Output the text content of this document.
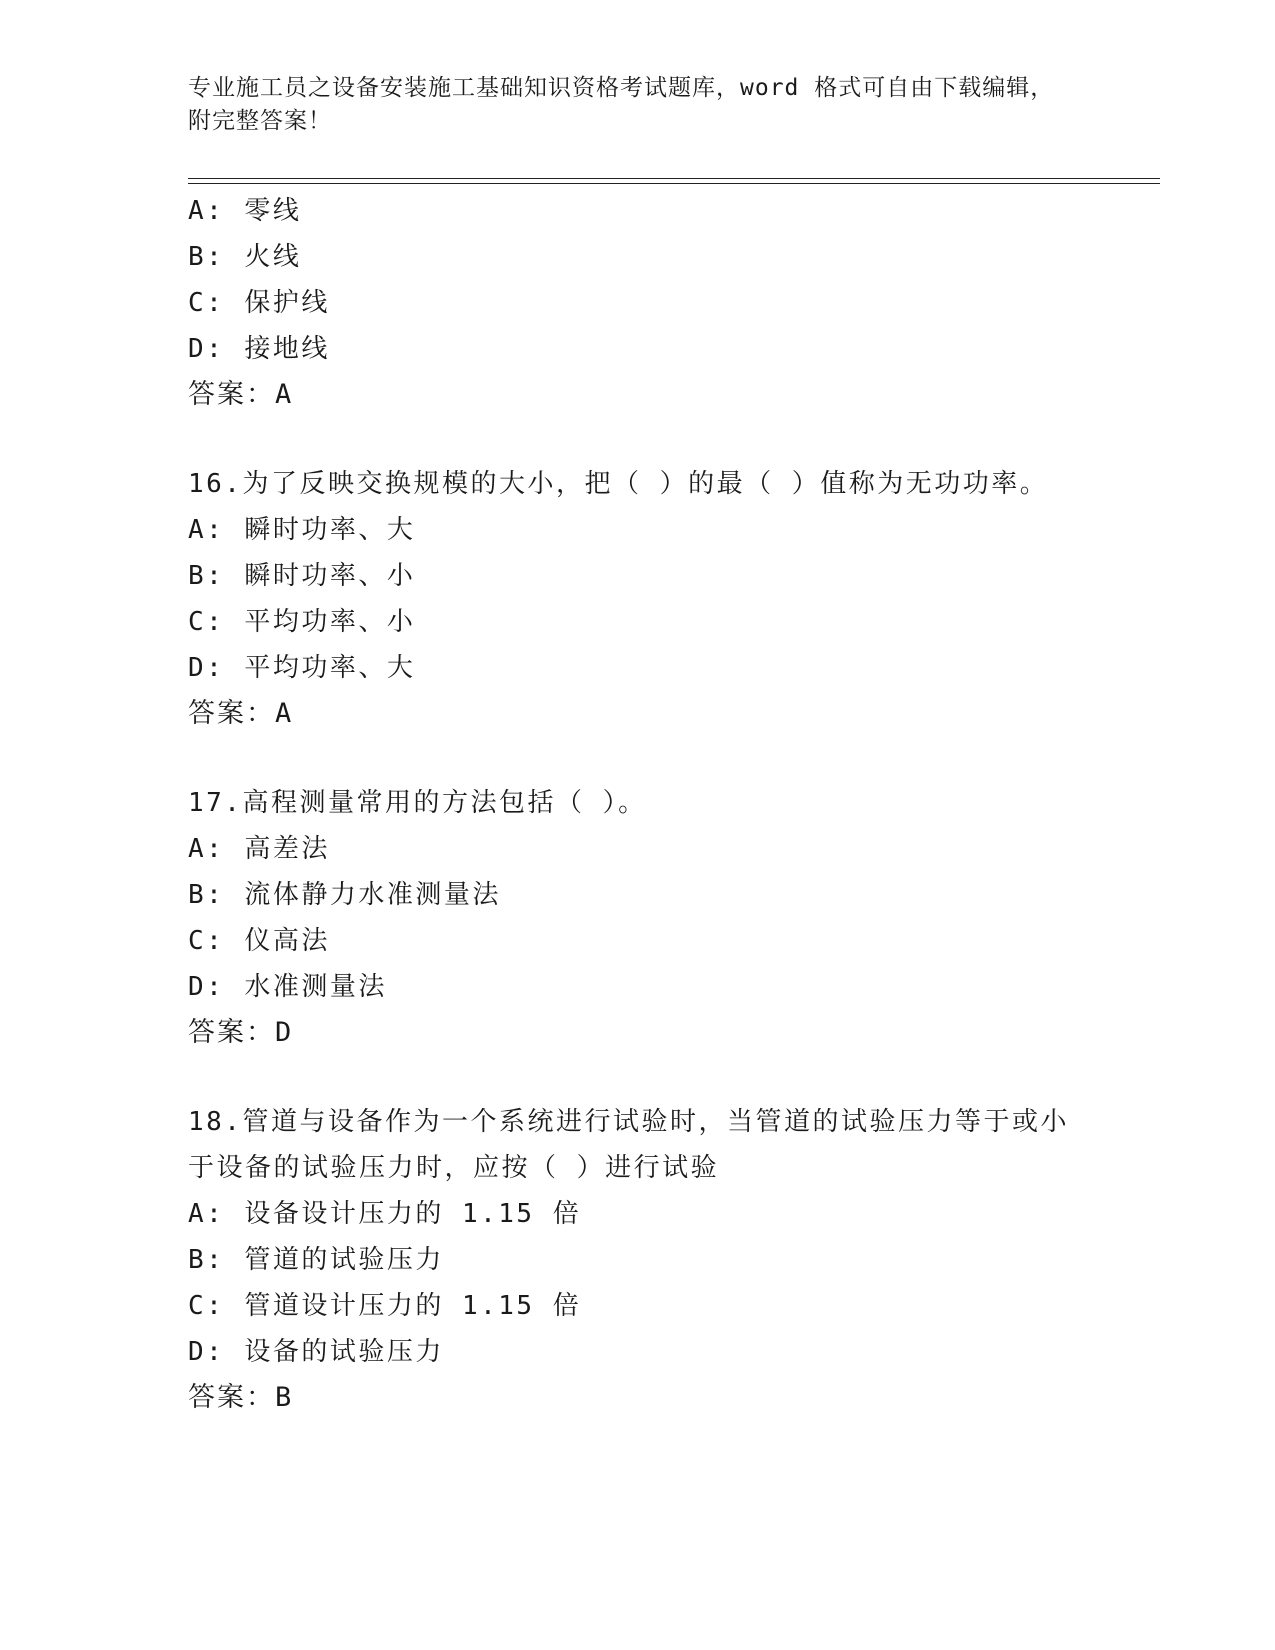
专业施工员之设备安装施工基础知识资格考试题库，word 格式可自由下载编辑，
附完整答案！
A: 零线
B: 火线
C: 保护线
D: 接地线
答案：A
16.为了反映交换规模的大小，把（ ）的最（ ）值称为无功功率。
A: 瞬时功率、大
B: 瞬时功率、小
C: 平均功率、小
D: 平均功率、大
答案：A
17.高程测量常用的方法包括（ ）。
A: 高差法
B: 流体静力水准测量法
C: 仪高法
D: 水准测量法
答案：D
18.管道与设备作为一个系统进行试验时，当管道的试验压力等于或小
于设备的试验压力时，应按（ ）进行试验
A: 设备设计压力的 1.15 倍
B: 管道的试验压力
C: 管道设计压力的 1.15 倍
D: 设备的试验压力
答案：B
